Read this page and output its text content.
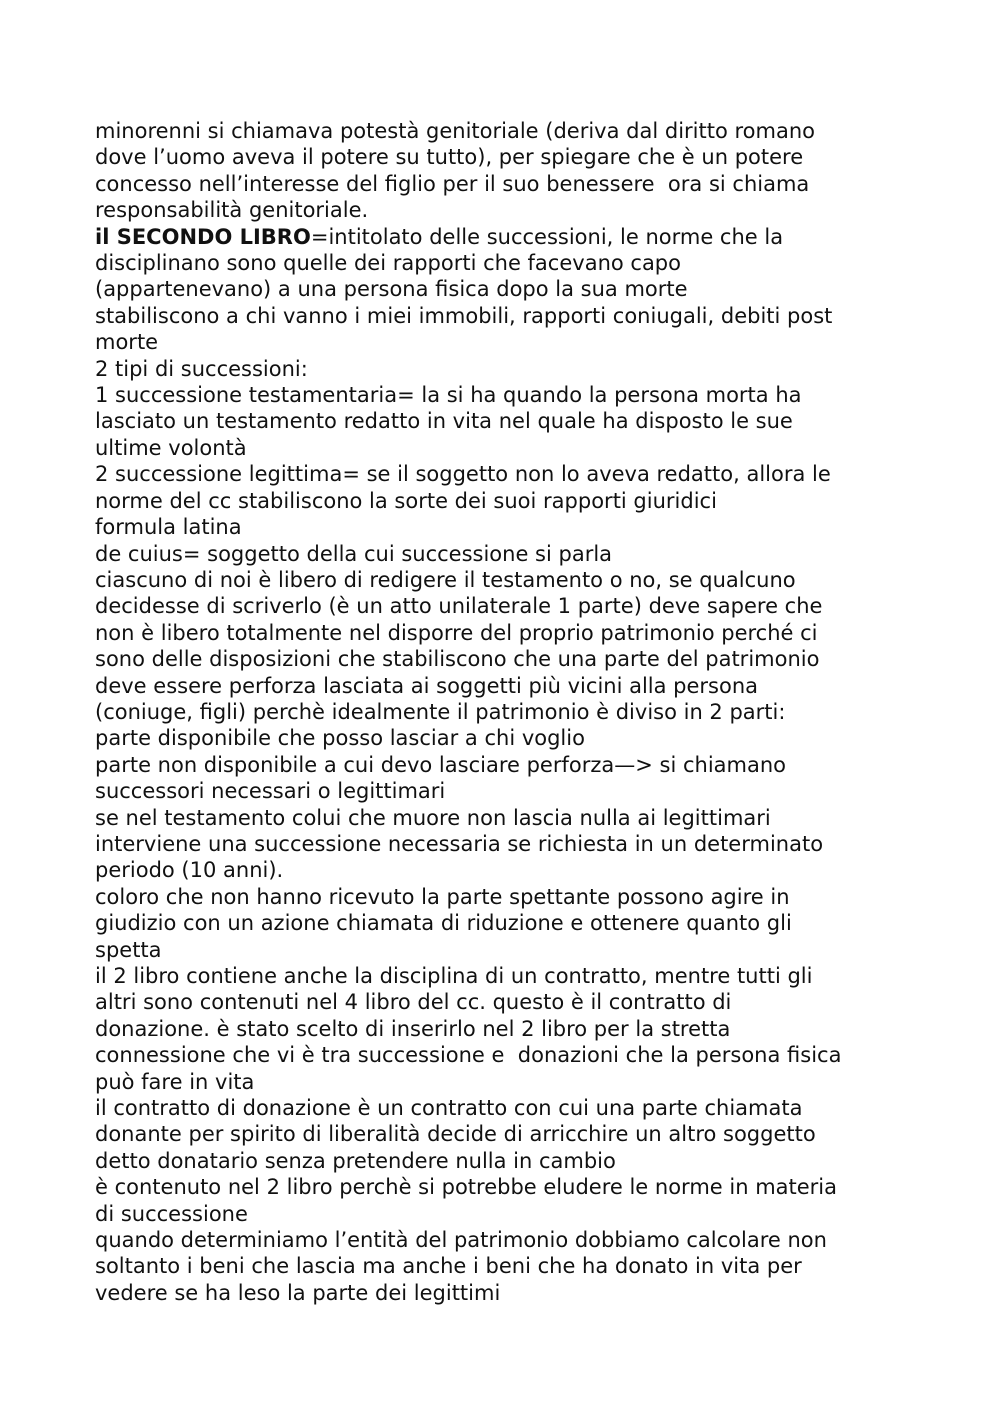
minorenni si chiamava potestà genitoriale (deriva dal diritto romano
dove l’uomo aveva il potere su tutto), per spiegare che è un potere
concesso nell’interesse del figlio per il suo benessere  ora si chiama
responsabilità genitoriale.
il SECONDO LIBRO=intitolato delle successioni, le norme che la
disciplinano sono quelle dei rapporti che facevano capo
(appartenevano) a una persona fisica dopo la sua morte
stabiliscono a chi vanno i miei immobili, rapporti coniugali, debiti post
morte
2 tipi di successioni:
1 successione testamentaria= la si ha quando la persona morta ha
lasciato un testamento redatto in vita nel quale ha disposto le sue
ultime volontà
2 successione legittima= se il soggetto non lo aveva redatto, allora le
norme del cc stabiliscono la sorte dei suoi rapporti giuridici
formula latina
de cuius= soggetto della cui successione si parla
ciascuno di noi è libero di redigere il testamento o no, se qualcuno
decidesse di scriverlo (è un atto unilaterale 1 parte) deve sapere che
non è libero totalmente nel disporre del proprio patrimonio perché ci
sono delle disposizioni che stabiliscono che una parte del patrimonio
deve essere perforza lasciata ai soggetti più vicini alla persona
(coniuge, figli) perchè idealmente il patrimonio è diviso in 2 parti:
parte disponibile che posso lasciar a chi voglio
parte non disponibile a cui devo lasciare perforza—> si chiamano
successori necessari o legittimari
se nel testamento colui che muore non lascia nulla ai legittimari
interviene una successione necessaria se richiesta in un determinato
periodo (10 anni).
coloro che non hanno ricevuto la parte spettante possono agire in
giudizio con un azione chiamata di riduzione e ottenere quanto gli
spetta
il 2 libro contiene anche la disciplina di un contratto, mentre tutti gli
altri sono contenuti nel 4 libro del cc. questo è il contratto di
donazione. è stato scelto di inserirlo nel 2 libro per la stretta
connessione che vi è tra successione e  donazioni che la persona fisica
può fare in vita
il contratto di donazione è un contratto con cui una parte chiamata
donante per spirito di liberalità decide di arricchire un altro soggetto
detto donatario senza pretendere nulla in cambio
è contenuto nel 2 libro perchè si potrebbe eludere le norme in materia
di successione
quando determiniamo l’entità del patrimonio dobbiamo calcolare non
soltanto i beni che lascia ma anche i beni che ha donato in vita per
vedere se ha leso la parte dei legittimi
